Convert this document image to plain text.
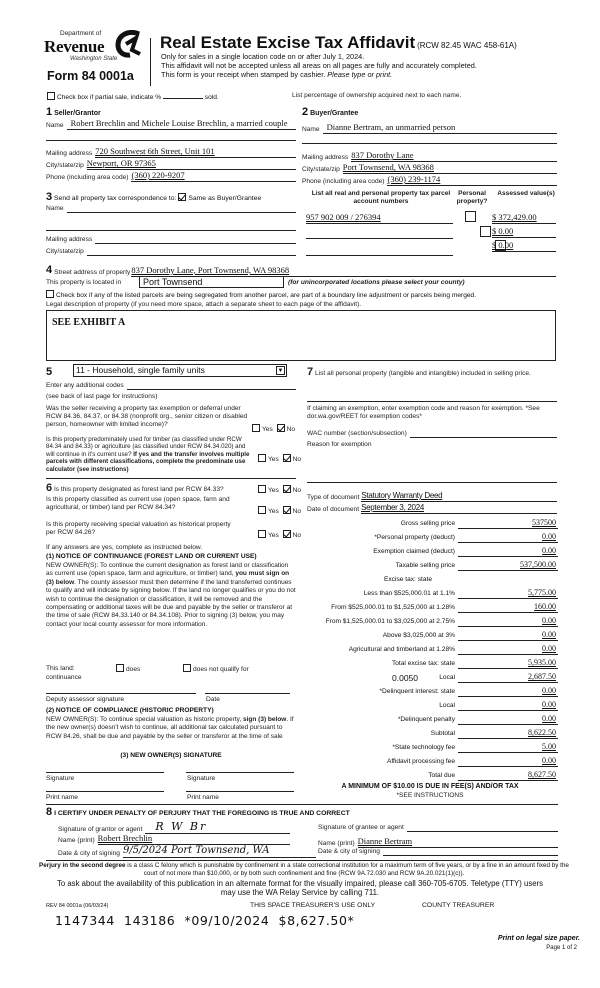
Department of
Revenue
Washington State
Form 84 0001a
Real Estate Excise Tax Affidavit (RCW 82.45 WAC 458-61A)
Only for sales in a single location code on or after July 1, 2024.
This affidavit will not be accepted unless all areas on all pages are fully and accurately completed.
This form is your receipt when stamped by cashier. Please type or print.
Check box if partial sale, indicate %	sold.	List percentage of ownership acquired next to each name.
1 Seller/Grantor
Name Robert Brechlin and Michele Louise Brechlin, a married couple
Mailing address 720 Southwest 6th Street, Unit 101
City/state/zip Newport, OR 97365
Phone (including area code) (360) 220-9207
2 Buyer/Grantee
Name Dianne Bertram, an unmarried person
Mailing address 837 Dorothy Lane
City/state/zip Port Townsend, WA 98368
Phone (including area code) (360) 239-1174
3 Send all property tax correspondence to: Same as Buyer/Grantee
Name
Mailing address
City/state/zip
List all real and personal property tax parcel account numbers
Personal property?
Assessed value(s)
957 902 009 / 276394
	$ 372,429.00

$ 0.00
$ 0.00
4 Street address of property 837 Dorothy Lane, Port Townsend, WA 98368
This property is located in	Port Townsend	(for unincorporated locations please select your county)
Check box if any of the listed parcels are being segregated from another parcel, are part of a boundary line adjustment or parcels being merged.
Legal description of property (if you need more space, attach a separate sheet to each page of the affidavit).
SEE EXHIBIT A
5	11 - Household, single family units	▼
Enter any additional codes
(see back of last page for instructions)
Was the seller receiving a property tax exemption or deferral under RCW 84.36, 84.37, or 84.38 (nonprofit org., senior citizen or disabled person, homeowner with limited income)?
Yes No
Is this property predominately used for timber (as classified under RCW 84.34 and 84.33) or agriculture (as classified under RCW 84.34.020) and will continue in it's current use? If yes and the transfer involves multiple parcels with different classifications, complete the predominate use calculator (see instructions)
Yes No
6 Is this property designated as forest land per RCW 84.33?	Yes No
Is this property classified as current use (open space, farm and agricultural, or timber) land per RCW 84.34?
Yes No
Is this property receiving special valuation as historical property per RCW 84.26?	Yes No
If any answers are yes, complete as instructed below.
(1) NOTICE OF CONTINUANCE (FOREST LAND OR CURRENT USE)
NEW OWNER(S): To continue the current designation as forest land or classification as current use (open space, farm and agriculture, or timber) land, you must sign on (3) below. The county assessor must then determine if the land transferred continues to qualify and will indicate by signing below. If the land no longer qualifies or you do not wish to continue the designation or classification, it will be removed and the compensating or additional taxes will be due and payable by the seller or transferor at the time of sale (RCW 84.33.140 or 84.34.108). Prior to signing (3) below, you may contact your local county assessor for more information.
This land:	does	does not qualify for
continuance
Deputy assessor signature	Date
(2) NOTICE OF COMPLIANCE (HISTORIC PROPERTY)
NEW OWNER(S): To continue special valuation as historic property, sign (3) below. If the new owner(s) doesn't wish to continue, all additional tax calculated pursuant to RCW 84.26, shall be due and payable by the seller or transferor at the time of sale
(3) NEW OWNER(S) SIGNATURE
Signature	Signature
Print name	Print name
7 List all personal property (tangible and intangible) included in selling price.
If claiming an exemption, enter exemption code and reason for exemption. *See dor.wa.gov/REET for exemption codes*
WAC number (section/subsection)
Reason for exemption
Type of document Statutory Warranty Deed
Date of document September 3, 2024
Gross selling price	537500
*Personal property (deduct)	0.00
Exemption claimed (deduct)	0.00
Taxable selling price	537,500.00
Excise tax: state
Less than $525,000.01 at 1.1%	5,775.00
From $525,000.01 to $1,525,000 at 1.28%	160.00
From $1,525,000.01 to $3,025,000 at 2.75%	0.00
Above $3,025,000 at 3%	0.00
Agricultural and timberland at 1.28%	0.00
Total excise tax: state	5,935.00
0.0050	Local	2,687.50
*Delinquent interest: state	0.00
Local	0.00
*Delinquent penalty	0.00
Subtotal	8,622.50
*State technology fee	5.00
Affidavit processing fee	0.00
Total due	8,627.50
A MINIMUM OF $10.00 IS DUE IN FEE(S) AND/OR TAX
*SEE INSTRUCTIONS
8 I CERTIFY UNDER PENALTY OF PERJURY THAT THE FOREGOING IS TRUE AND CORRECT
Signature of grantor or agent	R W Br
Name (print) Robert Brechlin
Date & city of signing 9/5/2024 Port Townsend, WA
Signature of grantee or agent
Name (print) Dianne Bertram
Date & city of signing
Perjury in the second degree is a class C felony which is punishable by confinement in a state correctional institution for a maximum term of five years, or by a fine in an amount fixed by the court of not more than $10,000, or by both such confinement and fine (RCW 9A.72.030 and RCW 9A.20.021(1)(c)).
To ask about the availability of this publication in an alternate format for the visually impaired, please call 360-705-6705. Teletype (TTY) users may use the WA Relay Service by calling 711.
REV 84 0001a (06/03/24)	THIS SPACE TREASURER'S USE ONLY	COUNTY TREASURER
1147344  143186  *09/10/2024  $8,627.50*
Print on legal size paper.
Page 1 of 2
